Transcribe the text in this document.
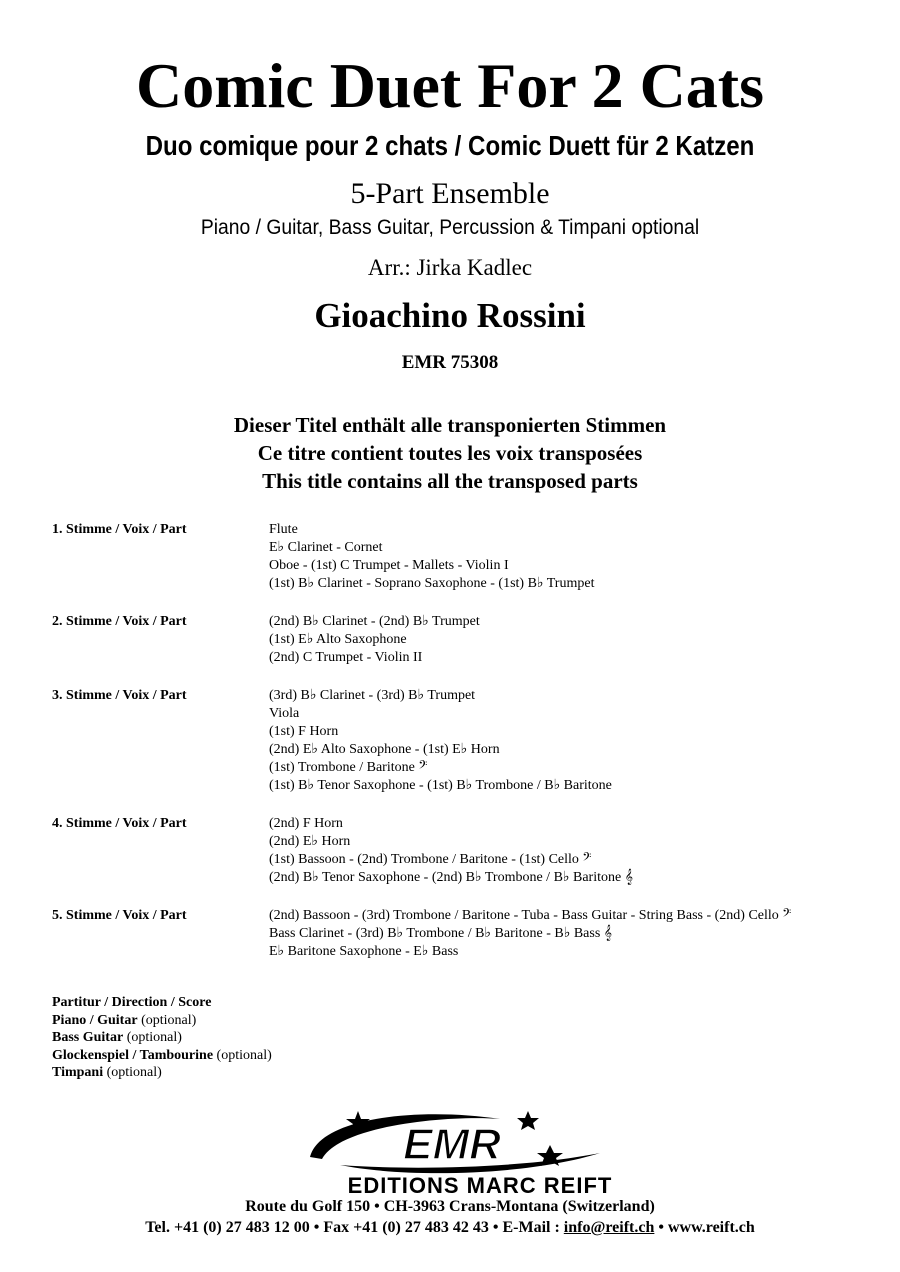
Comic Duet For 2 Cats
Duo comique pour 2 chats / Comic Duett für 2 Katzen
5-Part Ensemble
Piano / Guitar, Bass Guitar, Percussion & Timpani optional
Arr.: Jirka Kadlec
Gioachino Rossini
EMR 75308
Dieser Titel enthält alle transponierten Stimmen
Ce titre contient toutes les voix transposées
This title contains all the transposed parts
1. Stimme / Voix / Part	Flute
E♭ Clarinet - Cornet
Oboe - (1st) C Trumpet - Mallets - Violin I
(1st) B♭ Clarinet - Soprano Saxophone - (1st) B♭ Trumpet
2. Stimme / Voix / Part	(2nd) B♭ Clarinet - (2nd) B♭ Trumpet
(1st) E♭ Alto Saxophone
(2nd) C Trumpet - Violin II
3. Stimme / Voix / Part	(3rd) B♭ Clarinet - (3rd) B♭ Trumpet
Viola
(1st) F Horn
(2nd) E♭ Alto Saxophone - (1st) E♭ Horn
(1st) Trombone / Baritone 𝄢
(1st) B♭ Tenor Saxophone - (1st) B♭ Trombone / B♭ Baritone
4. Stimme / Voix / Part	(2nd) F Horn
(2nd) E♭ Horn
(1st) Bassoon - (2nd) Trombone / Baritone - (1st) Cello 𝄢
(2nd) B♭ Tenor Saxophone - (2nd) B♭ Trombone / B♭ Baritone 𝄞
5. Stimme / Voix / Part	(2nd) Bassoon - (3rd) Trombone / Baritone - Tuba - Bass Guitar - String Bass - (2nd) Cello 𝄢
Bass Clarinet - (3rd) B♭ Trombone / B♭ Baritone - B♭ Bass 𝄞
E♭ Baritone Saxophone - E♭ Bass
Partitur / Direction / Score
Piano / Guitar (optional)
Bass Guitar (optional)
Glockenspiel / Tambourine (optional)
Timpani (optional)
EMR
EDITIONS MARC REIFT
Route du Golf 150 • CH-3963 Crans-Montana (Switzerland)
Tel. +41 (0) 27 483 12 00 • Fax +41 (0) 27 483 42 43 • E-Mail : info@reift.ch • www.reift.ch
